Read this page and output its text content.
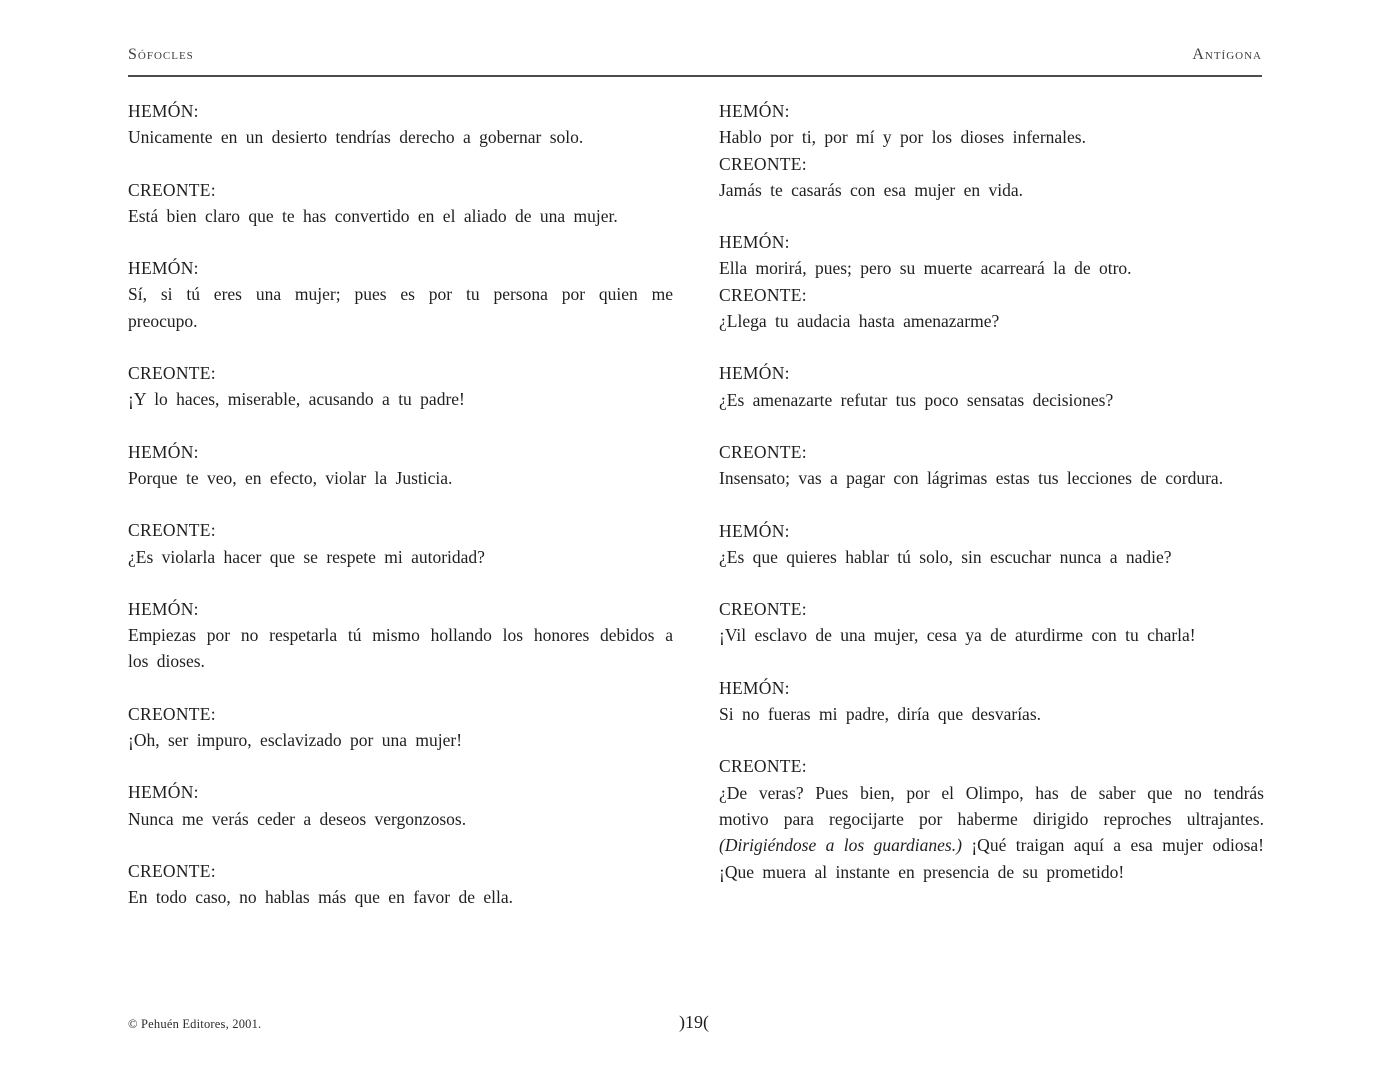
Sófocles	Antígona
HEMÓN:
Unicamente en un desierto tendrías derecho a gobernar solo.
CREONTE:
Está bien claro que te has convertido en el aliado de una mujer.
HEMÓN:
Sí, si tú eres una mujer; pues es por tu persona por quien me preocupo.
CREONTE:
¡Y lo haces, miserable, acusando a tu padre!
HEMÓN:
Porque te veo, en efecto, violar la Justicia.
CREONTE:
¿Es violarla hacer que se respete mi autoridad?
HEMÓN:
Empiezas por no respetarla tú mismo hollando los honores debidos a los dioses.
CREONTE:
¡Oh, ser impuro, esclavizado por una mujer!
HEMÓN:
Nunca me verás ceder a deseos vergonzosos.
CREONTE:
En todo caso, no hablas más que en favor de ella.
HEMÓN:
Hablo por ti, por mí y por los dioses infernales.
CREONTE:
Jamás te casarás con esa mujer en vida.
HEMÓN:
Ella morirá, pues; pero su muerte acarreará la de otro.
CREONTE:
¿Llega tu audacia hasta amenazarme?
HEMÓN:
¿Es amenazarte refutar tus poco sensatas decisiones?
CREONTE:
Insensato; vas a pagar con lágrimas estas tus lecciones de cordura.
HEMÓN:
¿Es que quieres hablar tú solo, sin escuchar nunca a nadie?
CREONTE:
¡Vil esclavo de una mujer, cesa ya de aturdirme con tu charla!
HEMÓN:
Si no fueras mi padre, diría que desvarías.
CREONTE:
¿De veras? Pues bien, por el Olimpo, has de saber que no tendrás motivo para regocijarte por haberme dirigido reproches ultrajantes. (Dirigiéndose a los guardianes.) ¡Qué traigan aquí a esa mujer odiosa! ¡Que muera al instante en presencia de su prometido!
© Pehuén Editores, 2001.	)19(
